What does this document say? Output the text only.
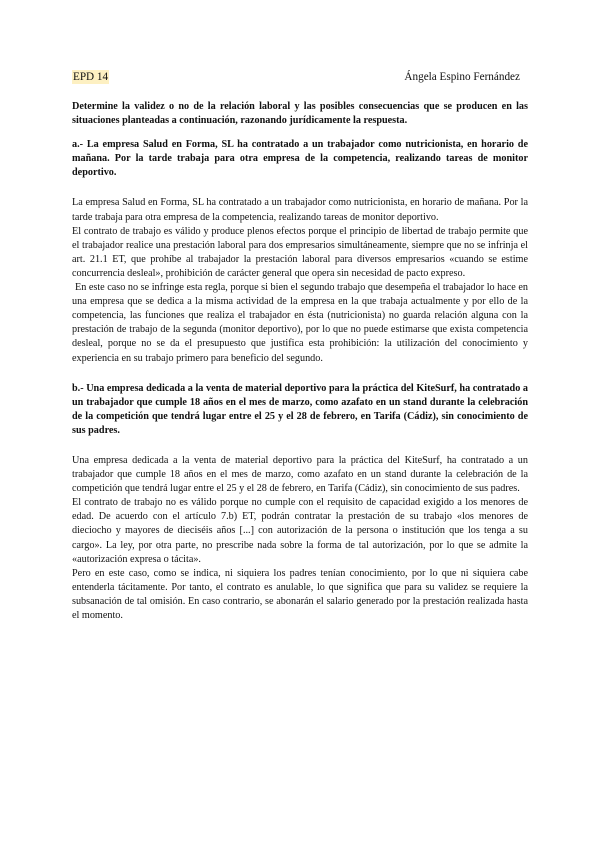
EPD 14	Ángela Espino Fernández

Determine la validez o no de la relación laboral y las posibles consecuencias que se producen en las situaciones planteadas a continuación, razonando jurídicamente la respuesta.

a.- La empresa Salud en Forma, SL ha contratado a un trabajador como nutricionista, en horario de mañana. Por la tarde trabaja para otra empresa de la competencia, realizando tareas de monitor deportivo.

La empresa Salud en Forma, SL ha contratado a un trabajador como nutricionista, en horario de mañana. Por la tarde trabaja para otra empresa de la competencia, realizando tareas de monitor deportivo.

El contrato de trabajo es válido y produce plenos efectos porque el principio de libertad de trabajo permite que el trabajador realice una prestación laboral para dos empresarios simultáneamente, siempre que no se infrinja el art. 21.1 ET, que prohíbe al trabajador la prestación laboral para diversos empresarios «cuando se estime concurrencia desleal», prohibición de carácter general que opera sin necesidad de pacto expreso.

En este caso no se infringe esta regla, porque si bien el segundo trabajo que desempeña el trabajador lo hace en una empresa que se dedica a la misma actividad de la empresa en la que trabaja actualmente y por ello de la competencia, las funciones que realiza el trabajador en ésta (nutricionista) no guarda relación alguna con la prestación de trabajo de la segunda (monitor deportivo), por lo que no puede estimarse que exista competencia desleal, porque no se da el presupuesto que justifica esta prohibición: la utilización del conocimiento y experiencia en su trabajo primero para beneficio del segundo.

b.- Una empresa dedicada a la venta de material deportivo para la práctica del KiteSurf, ha contratado a un trabajador que cumple 18 años en el mes de marzo, como azafato en un stand durante la celebración de la competición que tendrá lugar entre el 25 y el 28 de febrero, en Tarifa (Cádiz), sin conocimiento de sus padres.

Una empresa dedicada a la venta de material deportivo para la práctica del KiteSurf, ha contratado a un trabajador que cumple 18 años en el mes de marzo, como azafato en un stand durante la celebración de la competición que tendrá lugar entre el 25 y el 28 de febrero, en Tarifa (Cádiz), sin conocimiento de sus padres.

El contrato de trabajo no es válido porque no cumple con el requisito de capacidad exigido a los menores de edad. De acuerdo con el artículo 7.b) ET, podrán contratar la prestación de su trabajo «los menores de dieciocho y mayores de dieciséis años [...] con autorización de la persona o institución que los tenga a su cargo». La ley, por otra parte, no prescribe nada sobre la forma de tal autorización, por lo que se admite la «autorización expresa o tácita».

Pero en este caso, como se indica, ni siquiera los padres tenían conocimiento, por lo que ni siquiera cabe entenderla tácitamente. Por tanto, el contrato es anulable, lo que significa que para su validez se requiere la subsanación de tal omisión. En caso contrario, se abonarán el salario generado por la prestación realizada hasta el momento.
